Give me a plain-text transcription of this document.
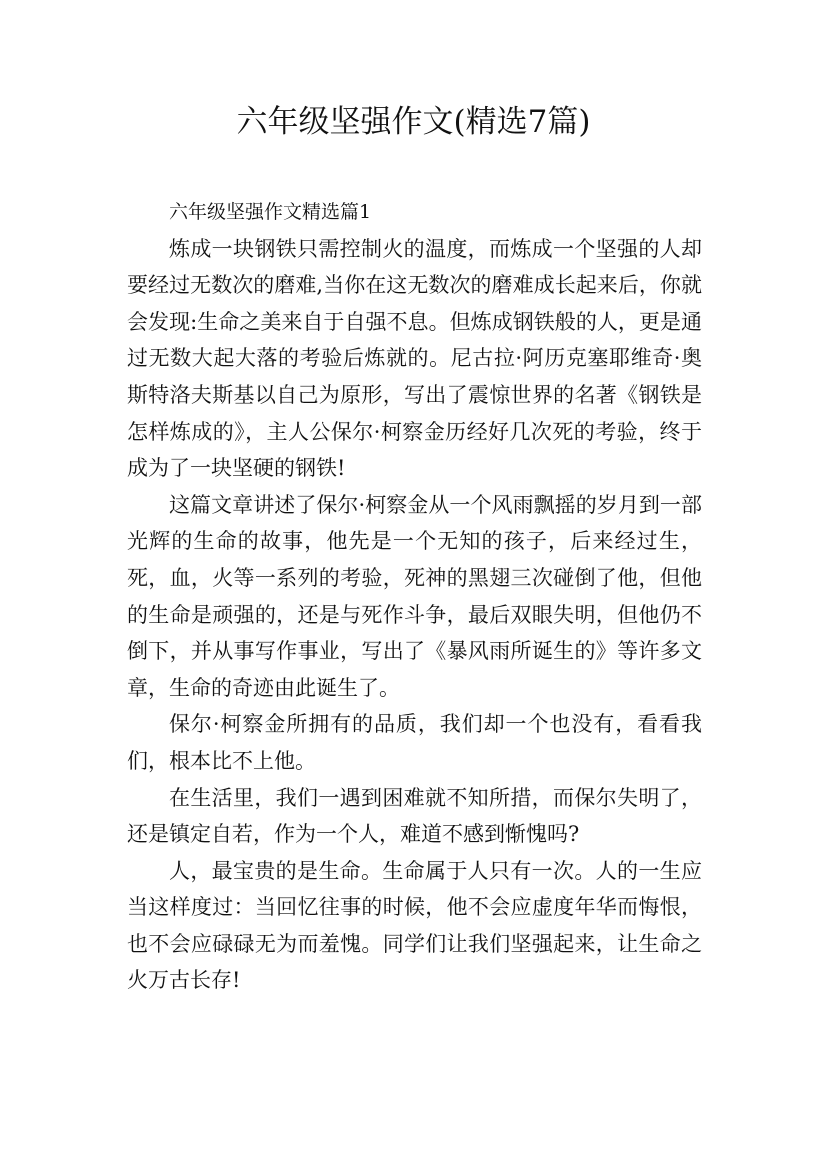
六年级坚强作文(精选7篇)

六年级坚强作文精选篇1

炼成一块钢铁只需控制火的温度，而炼成一个坚强的人却要经过无数次的磨难,当你在这无数次的磨难成长起来后，你就会发现:生命之美来自于自强不息。但炼成钢铁般的人，更是通过无数大起大落的考验后炼就的。尼古拉·阿历克塞耶维奇·奥斯特洛夫斯基以自己为原形，写出了震惊世界的名著《钢铁是怎样炼成的》，主人公保尔·柯察金历经好几次死的考验，终于成为了一块坚硬的钢铁!

这篇文章讲述了保尔·柯察金从一个风雨飘摇的岁月到一部光辉的生命的故事，他先是一个无知的孩子，后来经过生，死，血，火等一系列的考验，死神的黑翅三次碰倒了他，但他的生命是顽强的，还是与死作斗争，最后双眼失明，但他仍不倒下，并从事写作事业，写出了《暴风雨所诞生的》等许多文章，生命的奇迹由此诞生了。

保尔·柯察金所拥有的品质，我们却一个也没有，看看我们，根本比不上他。

在生活里，我们一遇到困难就不知所措，而保尔失明了，还是镇定自若，作为一个人，难道不感到惭愧吗?

人，最宝贵的是生命。生命属于人只有一次。人的一生应当这样度过：当回忆往事的时候，他不会应虚度年华而悔恨，也不会应碌碌无为而羞愧。同学们让我们坚强起来，让生命之火万古长存!
